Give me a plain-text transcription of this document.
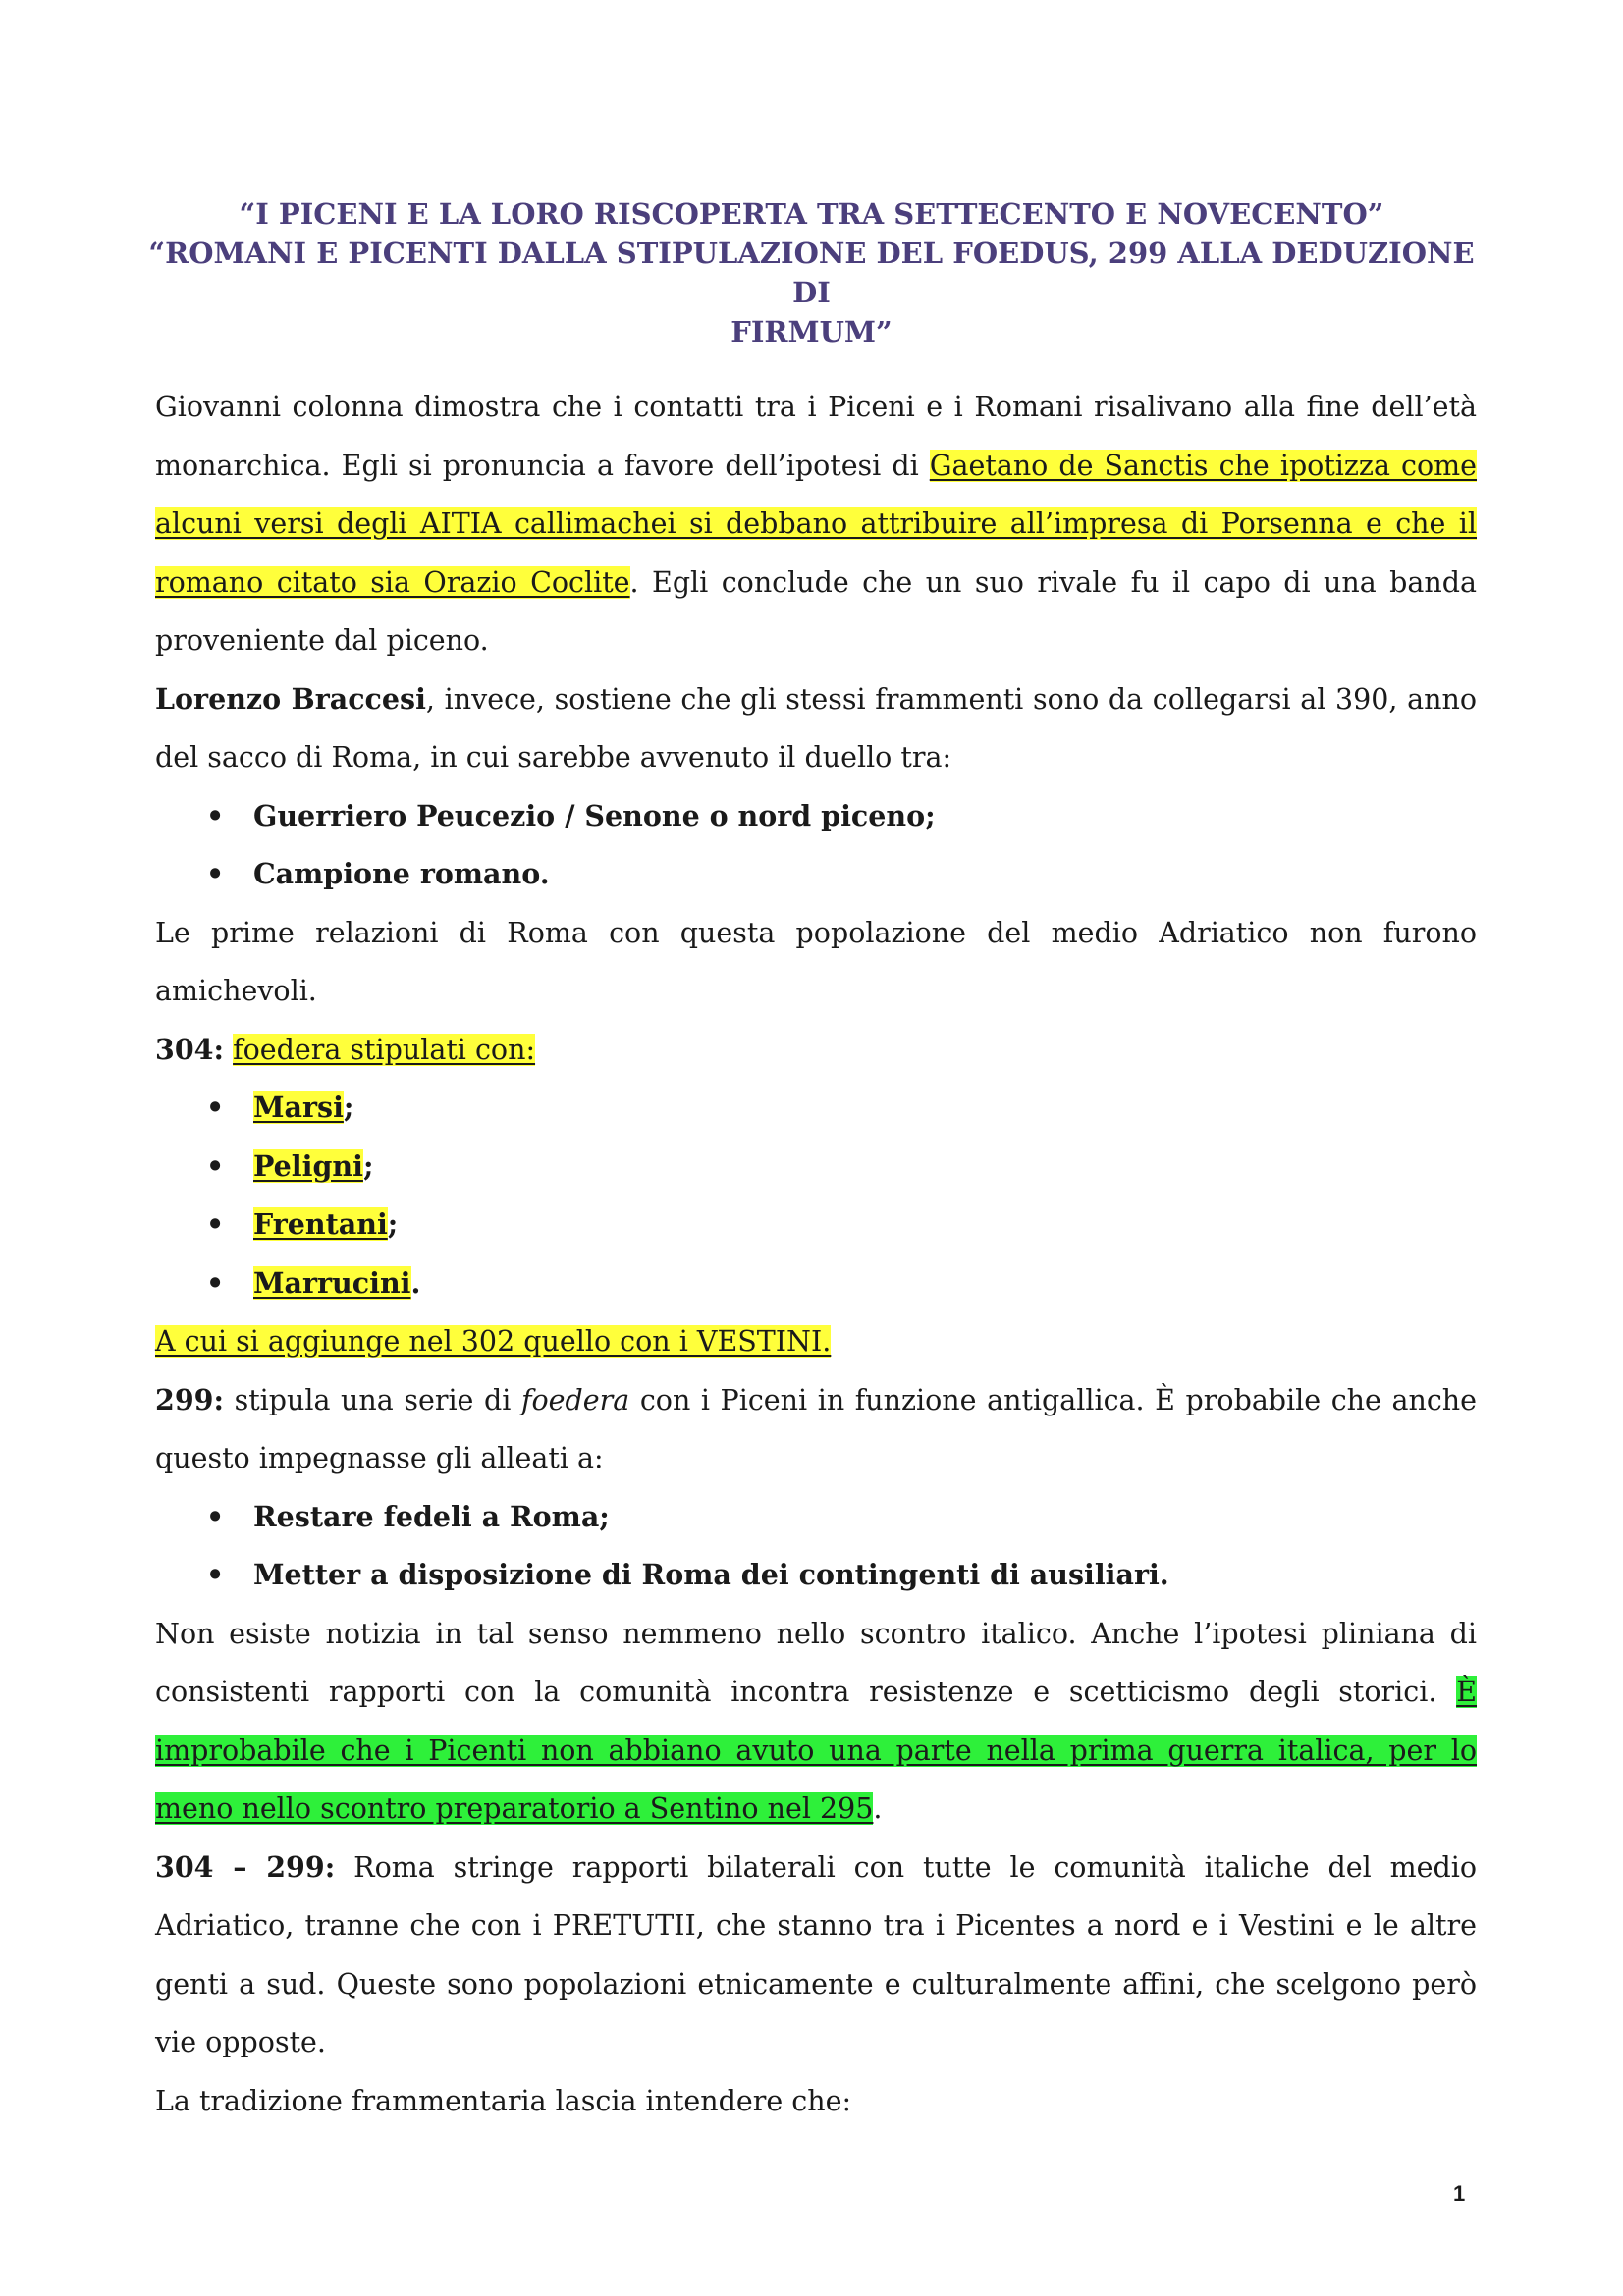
“I PICENI E LA LORO RISCOPERTA TRA SETTECENTO E NOVECENTO”
“ROMANI E PICENTI DALLA STIPULAZIONE DEL FOEDUS, 299 ALLA DEDUZIONE DI
FIRMUM”

Giovanni colonna dimostra che i contatti tra i Piceni e i Romani risalivano alla fine dell’età monarchica. Egli si pronuncia a favore dell’ipotesi di Gaetano de Sanctis che ipotizza come alcuni versi degli AITIA callimachei si debbano attribuire all’impresa di Porsenna e che il romano citato sia Orazio Coclite. Egli conclude che un suo rivale fu il capo di una banda proveniente dal piceno.

Lorenzo Braccesi, invece, sostiene che gli stessi frammenti sono da collegarsi al 390, anno del sacco di Roma, in cui sarebbe avvenuto il duello tra:

• Guerriero Peucezio / Senone o nord piceno;
• Campione romano.

Le prime relazioni di Roma con questa popolazione del medio Adriatico non furono amichevoli.

304: foedera stipulati con:

• Marsi;
• Peligni;
• Frentani;
• Marrucini.

A cui si aggiunge nel 302 quello con i VESTINI.

299: stipula una serie di foedera con i Piceni in funzione antigallica. È probabile che anche questo impegnasse gli alleati a:

• Restare fedeli a Roma;
• Metter a disposizione di Roma dei contingenti di ausiliari.

Non esiste notizia in tal senso nemmeno nello scontro italico. Anche l’ipotesi pliniana di consistenti rapporti con la comunità incontra resistenze e scetticismo degli storici. È improbabile che i Picenti non abbiano avuto una parte nella prima guerra italica, per lo meno nello scontro preparatorio a Sentino nel 295.

304 – 299: Roma stringe rapporti bilaterali con tutte le comunità italiche del medio Adriatico, tranne che con i PRETUTII, che stanno tra i Picentes a nord e i Vestini e le altre genti a sud. Queste sono popolazioni etnicamente e culturalmente affini, che scelgono però vie opposte.

La tradizione frammentaria lascia intendere che:

1
